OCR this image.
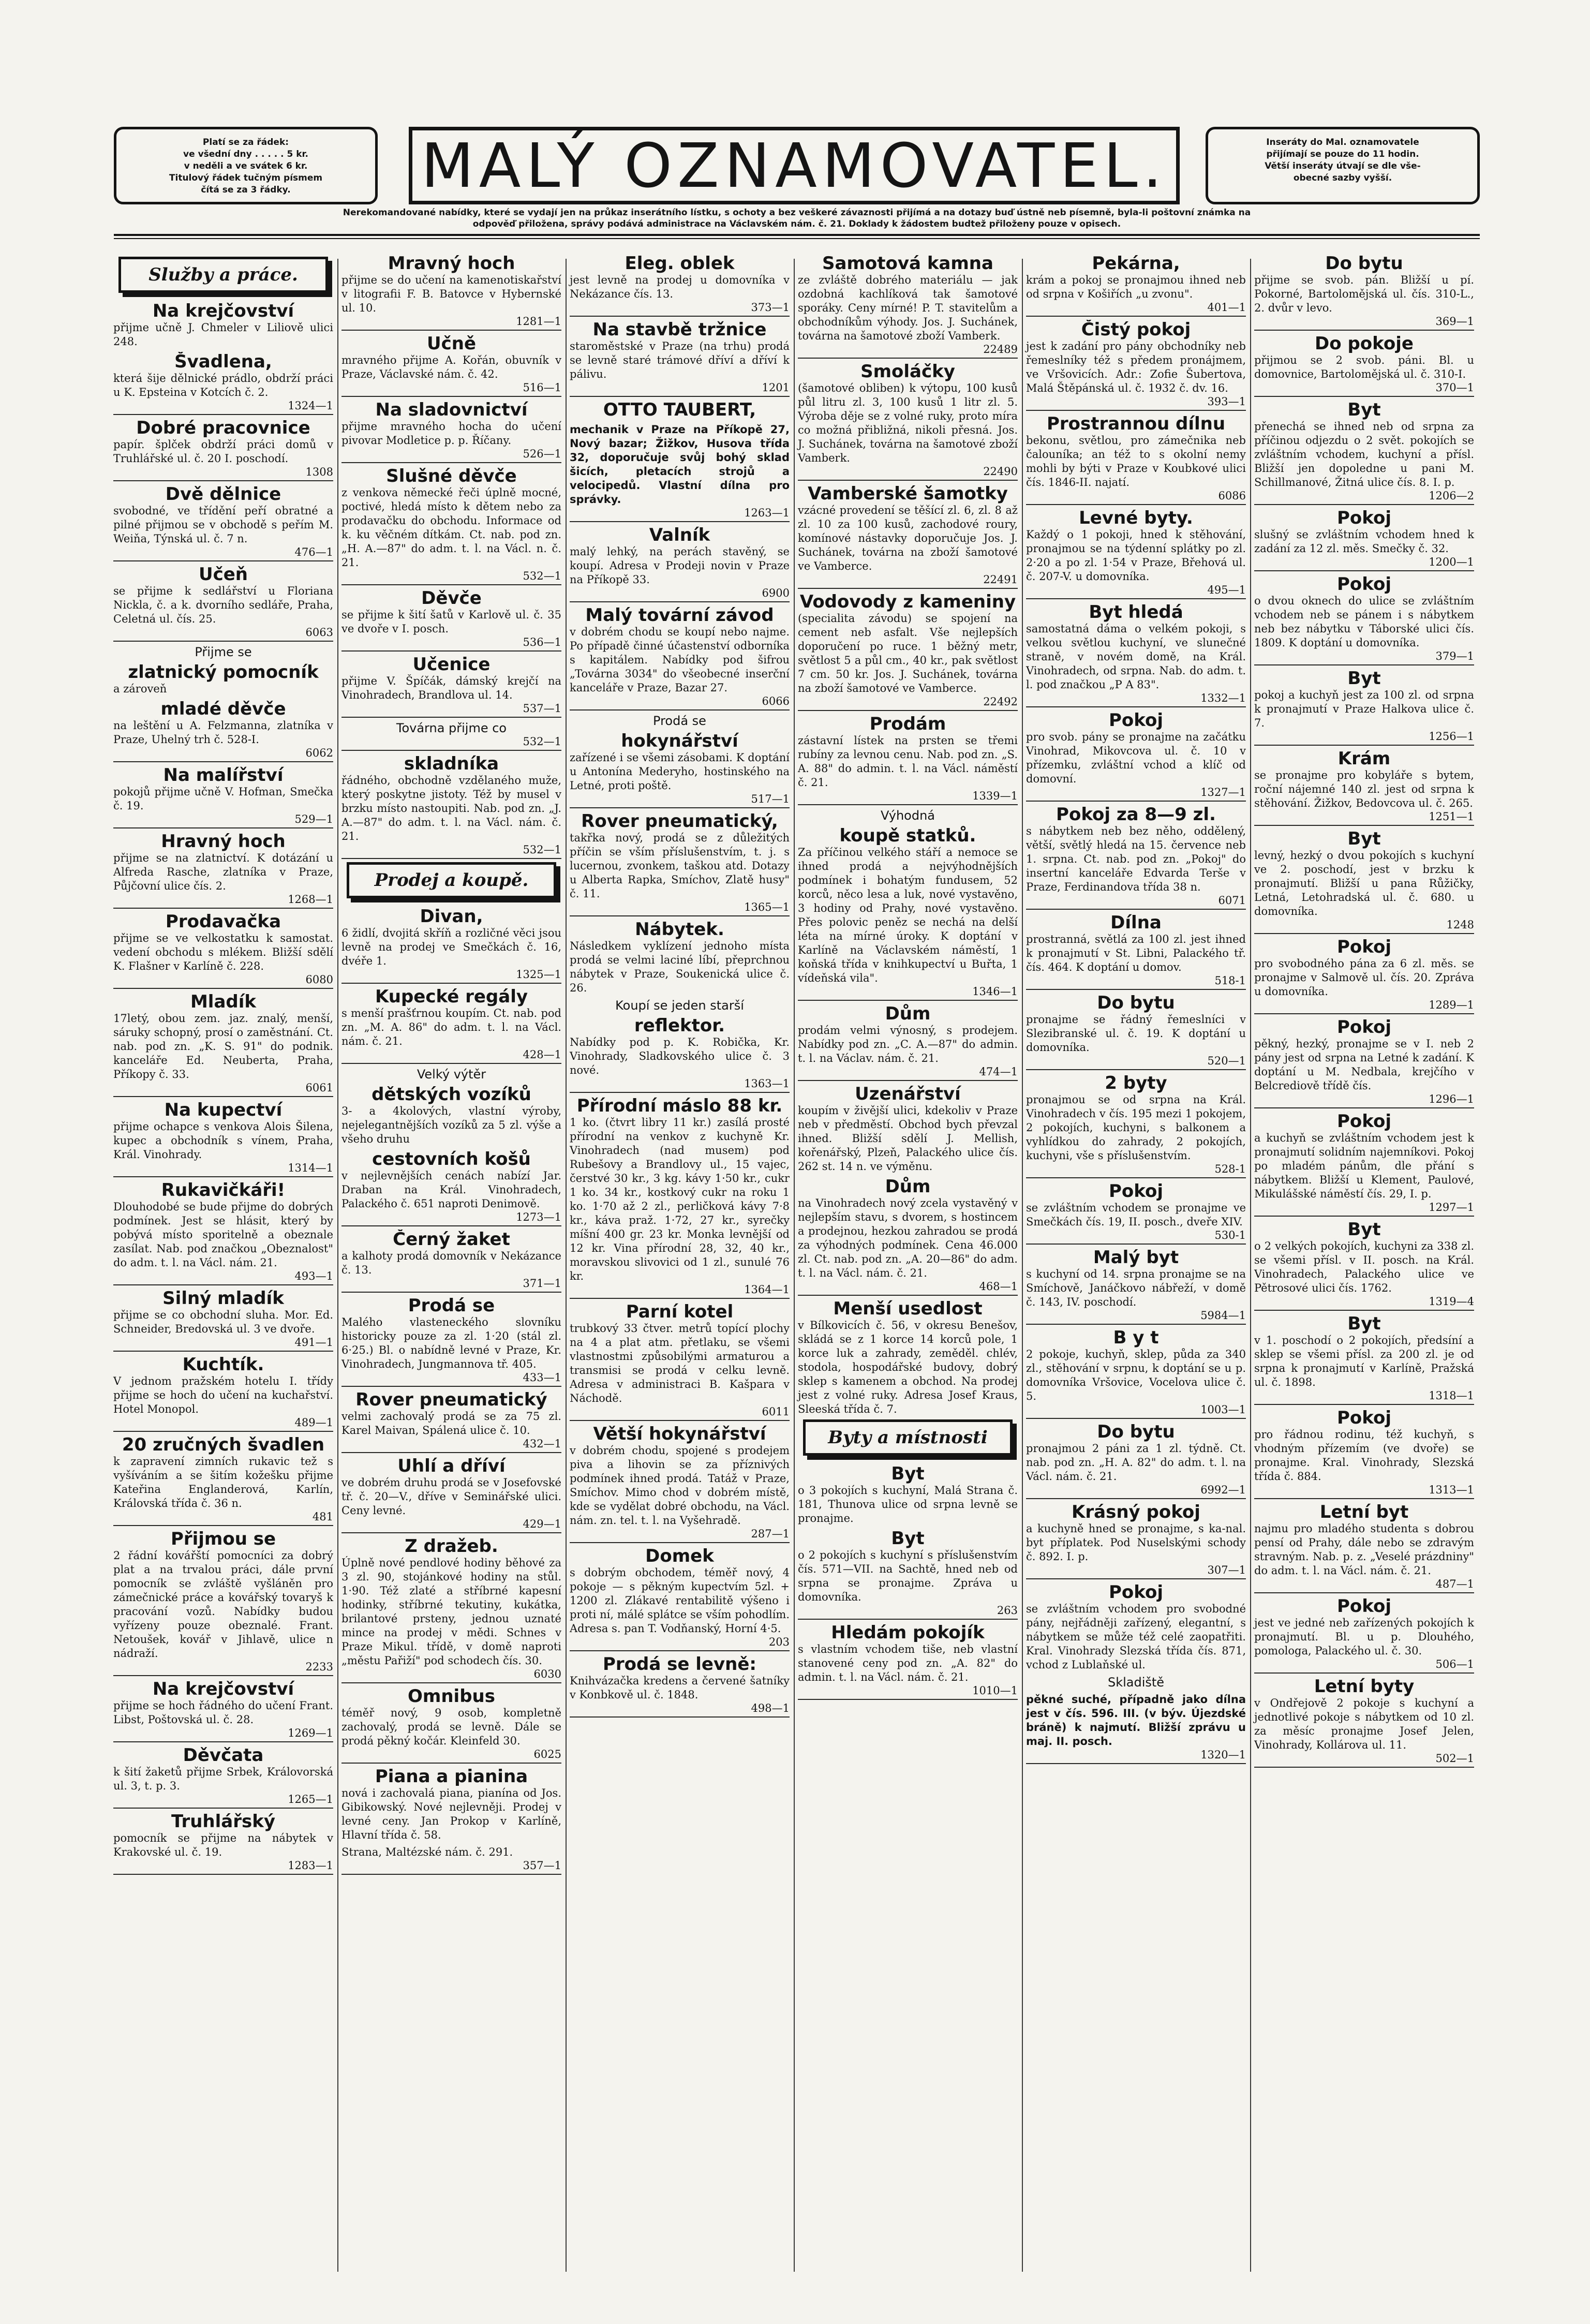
Platí se za řádek:
ve všední dny . . . . . 5 kr.
v neděli a ve svátek 6 kr.
Titulový řádek tučným písmem
čítá se za 3 řádky.	MALÝ OZNAMOVATEL.	Inseráty do Mal. oznamovatele
přijímají se pouze do 11 hodin.
Větší inseráty útvají se dle vše-
obecné sazby vyšší.
Nerekomandované nabídky, které se vydají jen na průkaz inserátního lístku, s ochoty a bez veškeré závaznosti přijímá a na dotazy buď ústně neb písemně, byla-li poštovní známka na
odpověď přiložena, správy podává administrace na Václavském nám. č. 21. Doklady k žádostem budtež přiloženy pouze v opisech.
Služby a práce.
Na krejčovství

přijme učně J. Chmeler v Liliově ulici 248.

Švadlena,

která šije dělnické prádlo, obdrží práci u K. Epsteina v Kotcích č. 2.

1324—1
Dobré pracovnice

papír. šplček obdrží práci domů v Truhlářské ul. č. 20 I. poschodí.

1308
Dvě dělnice

svobodné, ve třídění peří obratné a pilné přijmou se v obchodě s peřím M. Weiňa, Týnská ul. č. 7 n.

476—1
Učeň

se přijme k sedlářství u Floriana Nickla, č. a k. dvorního sedláře, Praha, Celetná ul. čís. 25.

6063
Přijme se
zlatnický pomocník

a zároveň

mladé děvče

na leštění u A. Felzmanna, zlatníka v Praze, Uhelný trh č. 528-I.

6062
Na malířství

pokojů přijme učně V. Hofman, Smečka č. 19.

529—1
Hravný hoch

přijme se na zlatnictví. K dotázání u Alfreda Rasche, zlatníka v Praze, Půjčovní ulice čís. 2.

1268—1
Prodavačka

přijme se ve velkostatku k samostat. vedení obchodu s mlékem. Bližší sdělí K. Flašner v Karlíně č. 228.

6080
Mladík

17letý, obou zem. jaz. znalý, menší, sáruky schopný, prosí o zaměstnání. Ct. nab. pod zn. „K. S. 91" do podnik. kanceláře Ed. Neuberta, Praha, Příkopy č. 33.

6061
Na kupectví

přijme ochapce s venkova Alois Šilena, kupec a obchodník s vínem, Praha, Král. Vinohrady.

1314—1
Rukavičkáři!

Dlouhodobé se bude přijme do dobrých podmínek. Jest se hlásit, který by pobývá místo sporitelně a obeznale zasílat. Nab. pod značkou „Obeznalost" do adm. t. l. na Václ. nám. 21.

493—1
Silný mladík

přijme se co obchodní sluha. Mor. Ed. Schneider, Bredovská ul. 3 ve dvoře.

491—1
Kuchtík.

V jednom pražském hotelu I. třídy přijme se hoch do učení na kuchařství. Hotel Monopol.

489—1
20 zručných švadlen

k zapravení zimních rukavic tež s vyšíváním a se šitím kožešku přijme Kateřina Englanderová, Karlín, Královská třída č. 36 n.

481
Přijmou se

2 řádní kovářští pomocníci za dobrý plat a na trvalou práci, dále první pomocník se zvláště vyšláněn pro zámečnické práce a kovářský tovaryš k pracování vozů. Nabídky budou vyřízeny pouze obeznalé. Frant. Netoušek, kovář v Jihlavě, ulice n nádraží.

2233
Na krejčovství

přijme se hoch řádného do učení Frant. Libst, Poštovská ul. č. 28.

1269—1
Děvčata

k šití žaketů přijme Srbek, Královorská ul. 3, t. p. 3.

1265—1
Truhlářský

pomocník se přijme na nábytek v Krakovské ul. č. 19.

1283—1
Mravný hoch

přijme se do učení na kamenotiskařství v litografii F. B. Batovce v Hybernské ul. 10.

1281—1
Učně

mravného přijme A. Kořán, obuvník v Praze, Václavské nám. č. 42.

516—1
Na sladovnictví

přijme mravného hocha do učení pivovar Modletice p. p. Říčany.

526—1
Slušné děvče

z venkova německé řeči úplně mocné, poctivé, hledá místo k dětem nebo za prodavačku do obchodu. Informace od k. ku věčném dítkám. Ct. nab. pod zn. „H. A.—87" do adm. t. l. na Václ. n. č. 21.

532—1
Děvče

se přijme k šití šatů v Karlově ul. č. 35 ve dvoře v I. posch.

536—1
Učenice

přijme V. Špíčák, dámský krejčí na Vinohradech, Brandlova ul. 14.

537—1
Továrna přijme co
532—1
skladníka

řádného, obchodně vzdělaného muže, který poskytne jistoty. Též by musel v brzku místo nastoupiti. Nab. pod zn. „J. A.—87" do adm. t. l. na Václ. nám. č. 21.

532—1
Prodej a koupě.
Divan,

6 židlí, dvojitá skříň a rozličné věci jsou levně na prodej ve Smečkách č. 16, dvéře 1.

1325—1
Kupecké regály

s menší prašťrnou koupím. Ct. nab. pod zn. „M. A. 86" do adm. t. l. na Václ. nám. č. 21.

428—1
Velký výtěr
dětských vozíků

3- a 4kolových, vlastní výroby, nejelegantnějších vozíků za 5 zl. výše a všeho druhu

cestovních košů

v nejlevnějších cenách nabízí Jar. Draban na Král. Vinohradech, Palackého č. 651 naproti Denimově.

1273—1
Černý žaket

a kalhoty prodá domovník v Nekázance č. 13.

371—1
Prodá se

Malého vlasteneckého slovníku historicky pouze za zl. 1·20 (stál zl. 6·25.) Bl. o nabídně levné v Praze, Kr. Vinohradech, Jungmannova tř. 405.

433—1
Rover pneumatický

velmi zachovalý prodá se za 75 zl. Karel Maivan, Spálená ulice č. 10.

432—1
Uhlí a dříví

ve dobrém druhu prodá se v Josefovské tř. č. 20—V., dříve v Seminářské ulici. Ceny levné.

429—1
Z dražeb.

Úplně nové pendlové hodiny běhové za 3 zl. 90, stojánkové hodiny na stůl. 1·90. Též zlaté a stříbrné kapesní hodinky, stříbrné tekutiny, kukátka, brilantové prsteny, jednou uznaté mince na prodej v mědi. Schnes v Praze Mikul. třídě, v domě naproti „městu Pařiží" pod schodech čís. 30.

6030
Omnibus

téměř nový, 9 osob, kompletně zachovalý, prodá se levně. Dále se prodá pěkný kočár. Kleinfeld 30.

6025
Piana a pianina

nová i zachovalá piana, pianína od Jos. Gibikowský. Nové nejlevněji. Prodej v levné ceny. Jan Prokop v Karlíně, Hlavní třída č. 58.

Strana, Maltézské nám. č. 291.

357—1
Eleg. oblek

jest levně na prodej u domovníka v Nekázance čís. 13.

373—1
Na stavbě tržnice

staroměstské v Praze (na trhu) prodá se levně staré trámové dříví a dříví k pálivu.

1201
OTTO TAUBERT,

mechanik v Praze na Příkopě 27, Nový bazar; Žižkov, Husova třída 32, doporučuje svůj bohý sklad šicích, pletacích strojů a velocipedů. Vlastní dílna pro správky.

1263—1
Valník

malý lehký, na perách stavěný, se koupí. Adresa v Prodeji novin v Praze na Příkopě 33.

6900
Malý tovární závod

v dobrém chodu se koupí nebo najme. Po případě činné účastenství odborníka s kapitálem. Nabídky pod šifrou „Továrna 3034" do všeobecné inserční kanceláře v Praze, Bazar 27.

6066
Prodá se
hokynářství

zařízené i se všemi zásobami. K doptání u Antonína Mederyho, hostinského na Letné, proti poště.

517—1
Rover pneumatický,

takřka nový, prodá se z důležitých příčin se vším příslušenstvím, t. j. s lucernou, zvonkem, taškou atd. Dotazy u Alberta Rapka, Smíchov, Zlatě husy" č. 11.

1365—1
Nábytek.

Následkem vyklízení jednoho místa prodá se velmi laciné líbí, přeprchnou nábytek v Praze, Soukenická ulice č. 26.

Koupí se jeden starší
reflektor.

Nabídky pod p. K. Robička, Kr. Vinohrady, Sladkovského ulice č. 3 nové.

1363—1
Přírodní máslo 88 kr.

1 ko. (čtvrt libry 11 kr.) zasílá prosté přírodní na venkov z kuchyně Kr. Vinohradech (nad musem) pod Rubešovy a Brandlovy ul., 15 vajec, čerstvé 30 kr., 3 kg. kávy 1·50 kr., cukr 1 ko. 34 kr., kostkový cukr na roku 1 ko. 1·70 až 2 zl., perličková kávy 7·8 kr., káva praž. 1·72, 27 kr., syrečky míšní 400 gr. 23 kr. Monka levnější od 12 kr. Vina přírodní 28, 32, 40 kr., moravskou slivovici od 1 zl., sunulé 76 kr.

1364—1
Parní kotel

trubkový 33 čtver. metrů topící plochy na 4 a plat atm. přetlaku, se všemi vlastnostmi způsobilými armaturou a transmisi se prodá v celku levně. Adresa v administraci B. Kašpara v Náchodě.

6011
Větší hokynářství

v dobrém chodu, spojené s prodejem piva a lihovin se za příznivých podmínek ihned prodá. Tatáž v Praze, Smíchov. Mimo chod v dobrém místě, kde se vydělat dobré obchodu, na Václ. nám. zn. tel. t. l. na Vyšehradě.

287—1
Domek

s dobrým obchodem, téměř nový, 4 pokoje — s pěkným kupectvím 5zl. + 1200 zl. Zlákavé rentabilitě výšeno i proti ní, málé splátce se vším pohodlím. Adresa s. pan T. Vodňanský, Horní 4·5.

203
Prodá se levně:

Knihvázačka kredens a červené šatníky v Konbkově ul. č. 1848.

498—1
Samotová kamna

ze zvláště dobrého materiálu — jak ozdobná kachlíková tak šamotové sporáky. Ceny mírné! P. T. stavitelům a obchodníkům výhody. Jos. J. Suchánek, továrna na šamotové zboží Vamberk.

22489
Smoláčky

(šamotové obliben) k výtopu, 100 kusů půl litru zl. 3, 100 kusů 1 litr zl. 5. Výroba děje se z volné ruky, proto míra co možná přibližná, nikoli přesná. Jos. J. Suchánek, továrna na šamotové zboží Vamberk.

22490
Vamberské šamotky

vzácné provedení se těšící zl. 6, zl. 8 až zl. 10 za 100 kusů, zachodové roury, komínové nástavky doporučuje Jos. J. Suchánek, továrna na zboží šamotové ve Vamberce.

22491
Vodovody z kameniny

(specialita závodu) se spojení na cement neb asfalt. Vše nejlepších doporučení po ruce. 1 běžný metr, světlost 5 a půl cm., 40 kr., pak světlost 7 cm. 50 kr. Jos. J. Suchánek, továrna na zboží šamotové ve Vamberce.

22492
Prodám

zástavní lístek na prsten se třemi rubíny za levnou cenu. Nab. pod zn. „S. A. 88" do admin. t. l. na Václ. náměstí č. 21.

1339—1
Výhodná
koupě statků.

Za příčinou velkého stáří a nemoce se ihned prodá a nejvýhodnějších podmínek i bohatým fundusem, 52 korců, něco lesa a luk, nové vystavěno, 3 hodiny od Prahy, nové vystavěno. Přes polovic peněz se nechá na delší léta na mírné úroky. K doptání v Karlíně na Václavském náměstí, 1 koňská třída v knihkupectví u Buřta, 1 vídeňská vila".

1346—1
Dům

prodám velmi výnosný, s prodejem. Nabídky pod zn. „C. A.—87" do admin. t. l. na Václav. nám. č. 21.

474—1
Uzenářství

koupím v živější ulici, kdekoliv v Praze neb v předměstí. Obchod bych převzal ihned. Bližší sdělí J. Mellish, kořenářský, Plzeň, Palackého ulice čís. 262 st. 14 n. ve výměnu.

Dům

na Vinohradech nový zcela vystavěný v nejlepším stavu, s dvorem, s hostincem a prodejnou, hezkou zahradou se prodá za výhodných podmínek. Cena 46.000 zl. Ct. nab. pod zn. „A. 20—86" do adm. t. l. na Václ. nám. č. 21.

468—1
Menší usedlost

v Bílkovicích č. 56, v okresu Benešov, skládá se z 1 korce 14 korců pole, 1 korce luk a zahrady, zeměděl. chlév, stodola, hospodářské budovy, dobrý sklep s kamenem a obchod. Na prodej jest z volné ruky. Adresa Josef Kraus, Sleeská třída č. 7.

Byty a místnosti
Byt

o 3 pokojích s kuchyní, Malá Strana č. 181, Thunova ulice od srpna levně se pronajme.

Byt

o 2 pokojích s kuchyní s příslušenstvím čís. 571—VII. na Sachtě, hned neb od srpna se pronajme. Zpráva u domovníka.

263
Hledám pokojík

s vlastním vchodem tiše, neb vlastní stanovené ceny pod zn. „A. 82" do admin. t. l. na Václ. nám. č. 21.

1010—1
Pekárna,

krám a pokoj se pronajmou ihned neb od srpna v Košiřích „u zvonu".

401—1
Čistý pokoj

jest k zadání pro pány obchodníky neb řemeslníky též s předem pronájmem, ve Vršovicích. Adr.: Zofie Šubertova, Malá Štěpánská ul. č. 1932 č. dv. 16.

393—1
Prostrannou dílnu

bekonu, světlou, pro zámečnika neb čalouníka; an též to s okolní nemy mohli by býti v Praze v Koubkové ulici čís. 1846-II. najatí.

6086
Levné byty.

Každý o 1 pokoji, hned k stěhování, pronajmou se na týdenní splátky po zl. 2·20 a po zl. 1·54 v Praze, Břehová ul. č. 207-V. u domovníka.

495—1
Byt hledá

samostatná dáma o velkém pokoji, s velkou světlou kuchyní, ve slunečné straně, v novém domě, na Král. Vinohradech, od srpna. Nab. do adm. t. l. pod značkou „P A 83".

1332—1
Pokoj

pro svob. pány se pronajme na začátku Vinohrad, Mikovcova ul. č. 10 v přízemku, zvláštní vchod a klíč od domovní.

1327—1
Pokoj za 8—9 zl.

s nábytkem neb bez něho, oddělený, větší, světlý hledá na 15. července neb 1. srpna. Ct. nab. pod zn. „Pokoj" do insertní kanceláře Edvarda Terše v Praze, Ferdinandova třída 38 n.

6071
Dílna

prostranná, světlá za 100 zl. jest ihned k pronajmutí v St. Libni, Palackého tř. čís. 464. K doptání u domov.

518-1
Do bytu

pronajme se řádný řemeslníci v Slezibranské ul. č. 19. K doptání u domovníka.

520—1
2 byty

pronajmou se od srpna na Král. Vinohradech v čís. 195 mezi 1 pokojem, 2 pokojích, kuchyni, s balkonem a vyhlídkou do zahrady, 2 pokojích, kuchyni, vše s příslušenstvím.

528-1
Pokoj

se zvláštním vchodem se pronajme ve Smečkách čís. 19, II. posch., dveře XIV.

530-1
Malý byt

s kuchyní od 14. srpna pronajme se na Smíchově, Janáčkovo nábřeží, v domě č. 143, IV. poschodí.

5984—1
B y t

2 pokoje, kuchyň, sklep, půda za 340 zl., stěhování v srpnu, k doptání se u p. domovníka Vršovice, Vocelova ulice č. 5.

1003—1
Do bytu

pronajmou 2 páni za 1 zl. týdně. Ct. nab. pod zn. „H. A. 82" do adm. t. l. na Václ. nám. č. 21.

6992—1
Krásný pokoj

a kuchyně hned se pronajme, s ka-nal. byt příplatek. Pod Nuselskými schody č. 892. I. p.

307—1
Pokoj

se zvláštním vchodem pro svobodné pány, nejřádněji zařízený, elegantní, s nábytkem se může též celé zaopatřiti. Kral. Vinohrady Slezská třída čís. 871, vchod z Lublaňské ul.

Skladiště

pěkné suché, případně jako dílna jest v čís. 596. III. (v býv. Újezdské bráně) k najmutí. Bližší zprávu u maj. II. posch.

1320—1
Do bytu

přijme se svob. pán. Bližší u pí. Pokorné, Bartolomějská ul. čís. 310-L., 2. dvůr v levo.

369—1
Do pokoje

přijmou se 2 svob. páni. Bl. u domovnice, Bartolomějská ul. č. 310-I.

370—1
Byt

přenechá se ihned neb od srpna za příčinou odjezdu o 2 svět. pokojích se zvláštním vchodem, kuchyní a přísl. Bližší jen dopoledne u pani M. Schillmanové, Žitná ulice čís. 8. I. p.

1206—2
Pokoj

slušný se zvláštním vchodem hned k zadání za 12 zl. měs. Smečky č. 32.

1200—1
Pokoj

o dvou oknech do ulice se zvláštním vchodem neb se pánem i s nábytkem neb bez nábytku v Táborské ulici čís. 1809. K doptání u domovníka.

379—1
Byt

pokoj a kuchyň jest za 100 zl. od srpna k pronajmutí v Praze Halkova ulice č. 7.

1256—1
Krám

se pronajme pro kobyláře s bytem, roční nájemné 140 zl. jest od srpna k stěhování. Žižkov, Bedovcova ul. č. 265.

1251—1
Byt

levný, hezký o dvou pokojích s kuchyní ve 2. poschodí, jest v brzku k pronajmutí. Bližší u pana Růžičky, Letná, Letohradská ul. č. 680. u domovníka.

1248
Pokoj

pro svobodného pána za 6 zl. měs. se pronajme v Salmově ul. čís. 20. Zpráva u domovníka.

1289—1
Pokoj

pěkný, hezký, pronajme se v I. neb 2 pány jest od srpna na Letné k zadání. K doptání u M. Nedbala, krejčího v Belcrediově třídě čís.

1296—1
Pokoj

a kuchyň se zvláštním vchodem jest k pronajmutí solidním najemníkovi. Pokoj po mladém pánům, dle přání s nábytkem. Bližší u Klement, Paulové, Mikulášské náměstí čís. 29, I. p.

1297—1
Byt

o 2 velkých pokojích, kuchyni za 338 zl. se všemi přísl. v II. posch. na Král. Vinohradech, Palackého ulice ve Pětrosové ulici čís. 1762.

1319—4
Byt

v 1. poschodí o 2 pokojích, předsíní a sklep se všemi přísl. za 200 zl. je od srpna k pronajmutí v Karlíně, Pražská ul. č. 1898.

1318—1
Pokoj

pro řádnou rodinu, též kuchyň, s vhodným přízemím (ve dvoře) se pronajme. Kral. Vinohrady, Slezská třída č. 884.

1313—1
Letní byt

najmu pro mladého studenta s dobrou pensí od Prahy, dále nebo se zdravým stravným. Nab. p. z. „Veselé prázdniny" do adm. t. l. na Václ. nám. č. 21.

487—1
Pokoj

jest ve jedné neb zařízených pokojích k pronajmutí. Bl. u p. Dlouhého, pomologa, Palackého ul. č. 30.

506—1
Letní byty

v Ondřejově 2 pokoje s kuchyní a jednotlivé pokoje s nábytkem od 10 zl. za měsíc pronajme Josef Jelen, Vinohrady, Kollárova ul. 11.

502—1
